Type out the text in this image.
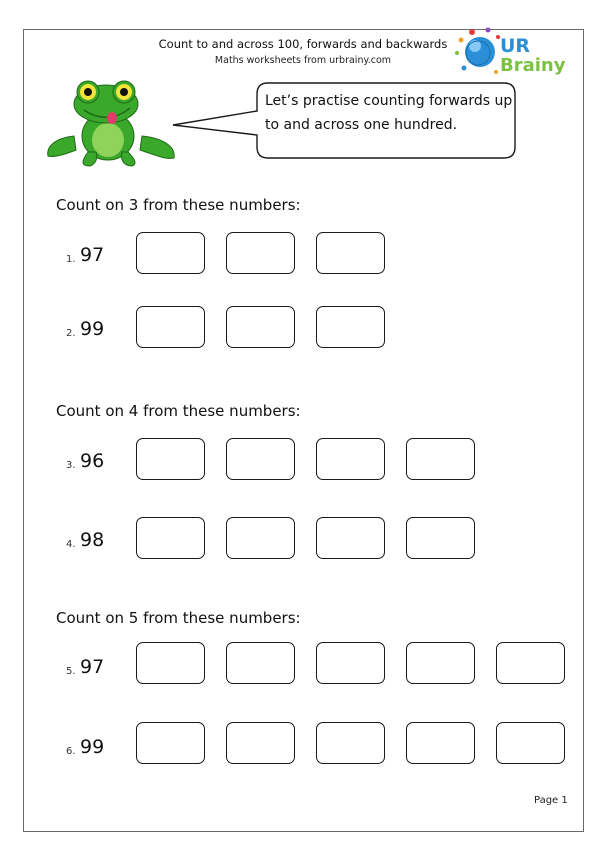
Count to and across 100, forwards and backwards
Maths worksheets from urbrainy.com
UR
Brainy
Let’s practise counting forwards up
to and across one hundred.
Count on 3 from these numbers:
1. 97
2. 99
Count on 4 from these numbers:
3. 96
4. 98
Count on 5 from these numbers:
5. 97
6. 99
Page 1
